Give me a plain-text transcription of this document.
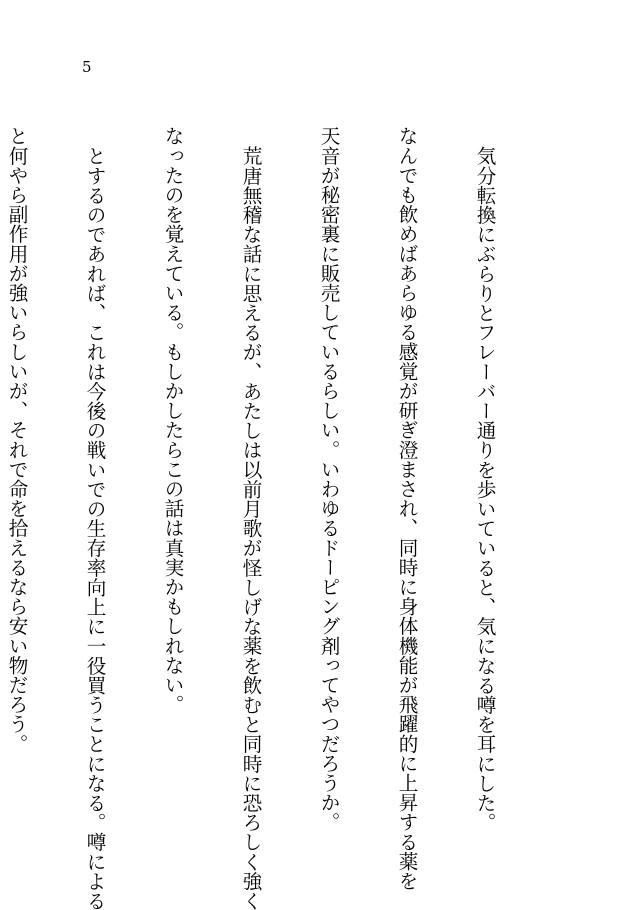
5

気分転換にぶらりとフレーバー通りを歩いていると、気になる噂を耳にした。

なんでも飲めばあらゆる感覚が研ぎ澄まされ、同時に身体機能が飛躍的に上昇する薬を

天音が秘密裏に販売しているらしい。いわゆるドーピング剤ってやつだろうか。

荒唐無稽な話に思えるが、あたしは以前月歌が怪しげな薬を飲むと同時に恐ろしく強く

なったのを覚えている。もしかしたらこの話は真実かもしれない。

とするのであれば、これは今後の戦いでの生存率向上に一役買うことになる。噂による

と何やら副作用が強いらしいが、それで命を拾えるなら安い物だろう。
